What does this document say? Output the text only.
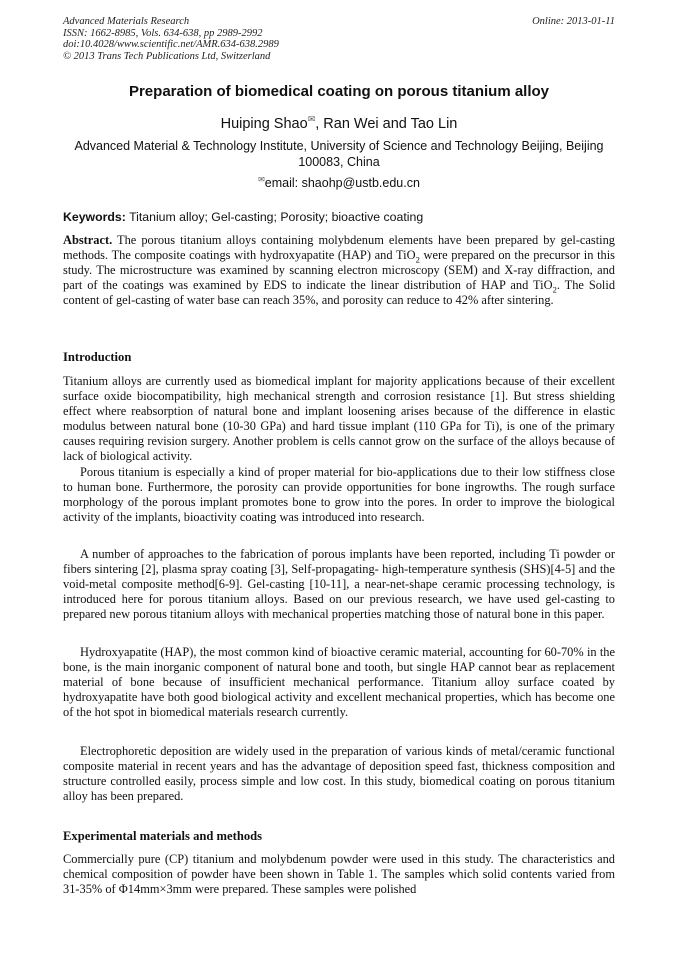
Advanced Materials Research
ISSN: 1662-8985, Vols. 634-638, pp 2989-2992
doi:10.4028/www.scientific.net/AMR.634-638.2989
© 2013 Trans Tech Publications Ltd, Switzerland
Online: 2013-01-11
Preparation of biomedical coating on porous titanium alloy
Huiping Shao✉, Ran Wei and Tao Lin
Advanced Material & Technology Institute, University of Science and Technology Beijing, Beijing 100083, China
✉email: shaohp@ustb.edu.cn
Keywords: Titanium alloy; Gel-casting; Porosity; bioactive coating

Abstract. The porous titanium alloys containing molybdenum elements have been prepared by gel-casting methods. The composite coatings with hydroxyapatite (HAP) and TiO$_2$ were prepared on the precursor in this study. The microstructure was examined by scanning electron microscopy (SEM) and X-ray diffraction, and part of the coatings was examined by EDS to indicate the linear distribution of HAP and TiO$_2$. The Solid content of gel-casting of water base can reach 35%, and porosity can reduce to 42% after sintering.

Introduction

Titanium alloys are currently used as biomedical implant for majority applications because of their excellent surface oxide biocompatibility, high mechanical strength and corrosion resistance [1]. But stress shielding effect where reabsorption of natural bone and implant loosening arises because of the difference in elastic modulus between natural bone (10-30 GPa) and hard tissue implant (110 GPa for Ti), is one of the primary causes requiring revision surgery. Another problem is cells cannot grow on the surface of the alloys because of lack of biological activity.

Porous titanium is especially a kind of proper material for bio-applications due to their low stiffness close to human bone. Furthermore, the porosity can provide opportunities for bone ingrowths. The rough surface morphology of the porous implant promotes bone to grow into the pores. In order to improve the biological activity of the implants, bioactivity coating was introduced into research.

A number of approaches to the fabrication of porous implants have been reported, including Ti powder or fibers sintering [2], plasma spray coating [3], Self-propagating- high-temperature synthesis (SHS)[4-5] and the void-metal composite method[6-9]. Gel-casting [10-11], a near-net-shape ceramic processing technology, is introduced here for porous titanium alloys. Based on our previous research, we have used gel-casting to prepared new porous titanium alloys with mechanical properties matching those of natural bone in this paper.

Hydroxyapatite (HAP), the most common kind of bioactive ceramic material, accounting for 60-70% in the bone, is the main inorganic component of natural bone and tooth, but single HAP cannot bear as replacement material of bone because of insufficient mechanical performance. Titanium alloy surface coated by hydroxyapatite have both good biological activity and excellent mechanical properties, which has become one of the hot spot in biomedical materials research currently.

Electrophoretic deposition are widely used in the preparation of various kinds of metal/ceramic functional composite material in recent years and has the advantage of deposition speed fast, thickness composition and structure controlled easily, process simple and low cost. In this study, biomedical coating on porous titanium alloy has been prepared.

Experimental materials and methods

Commercially pure (CP) titanium and molybdenum powder were used in this study. The characteristics and chemical composition of powder have been shown in Table 1. The samples which solid contents varied from 31-35% of Φ14mm×3mm were prepared. These samples were polished
